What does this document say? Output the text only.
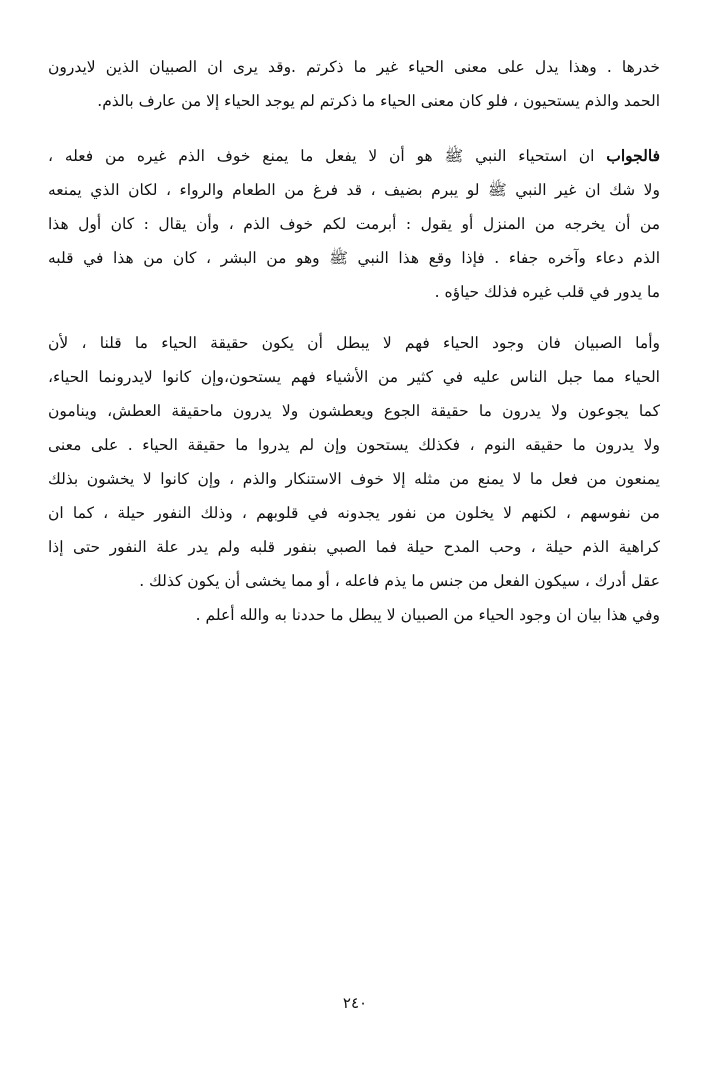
خدرها . وهذا يدل على معنى الحياء غير ما ذكرتم .وقد يرى ان الصبيان الذين لايدرون
الحمد والذم يستحيون ، فلو كان معنى الحياء ما ذكرتم لم يوجد الحياء إلا من عارف بالذم.
فالجواب ان استحياء النبي ﷺ هو أن لا يفعل ما يمنع خوف الذم غيره من فعله ،
ولا شك ان غير النبي ﷺ لو يبرم بضيف ، قد فرغ من الطعام والرواء ، لكان الذي يمنعه
من أن يخرجه من المنزل أو يقول : أبرمت لكم خوف الذم ، وأن يقال : كان أول هذا
الذم دعاء وآخره جفاء . فإذا وقع هذا النبي ﷺ وهو من البشر ، كان من هذا في قلبه
ما يدور في قلب غيره فذلك حياؤه .
وأما الصبيان فان وجود الحياء فهم لا يبطل أن يكون حقيقة الحياء ما قلنا ، لأن
الحياء مما جبل الناس عليه في كثير من الأشياء فهم يستحون،وإن كانوا لايدرونما الحياء،
كما يجوعون ولا يدرون ما حقيقة الجوع ويعطشون ولا يدرون ماحقيقة العطش، وينامون
ولا يدرون ما حقيقه النوم ، فكذلك يستحون وإن لم يدروا ما حقيقة الحياء . على معنى
يمنعون من فعل ما لا يمنع من مثله إلا خوف الاستنكار والذم ، وإن كانوا لا يخشون بذلك
من نفوسهم ، لكنهم لا يخلون من نفور يجدونه في قلوبهم ، وذلك النفور حيلة ، كما ان
كراهية الذم حيلة ، وحب المدح حيلة فما الصبي بنفور قلبه ولم يدر علة النفور حتى إذا
عقل أدرك ، سيكون الفعل من جنس ما يذم فاعله ، أو مما يخشى أن يكون كذلك .
وفي هذا بيان ان وجود الحياء من الصبيان لا يبطل ما حددنا به والله أعلم .
٢٤٠
